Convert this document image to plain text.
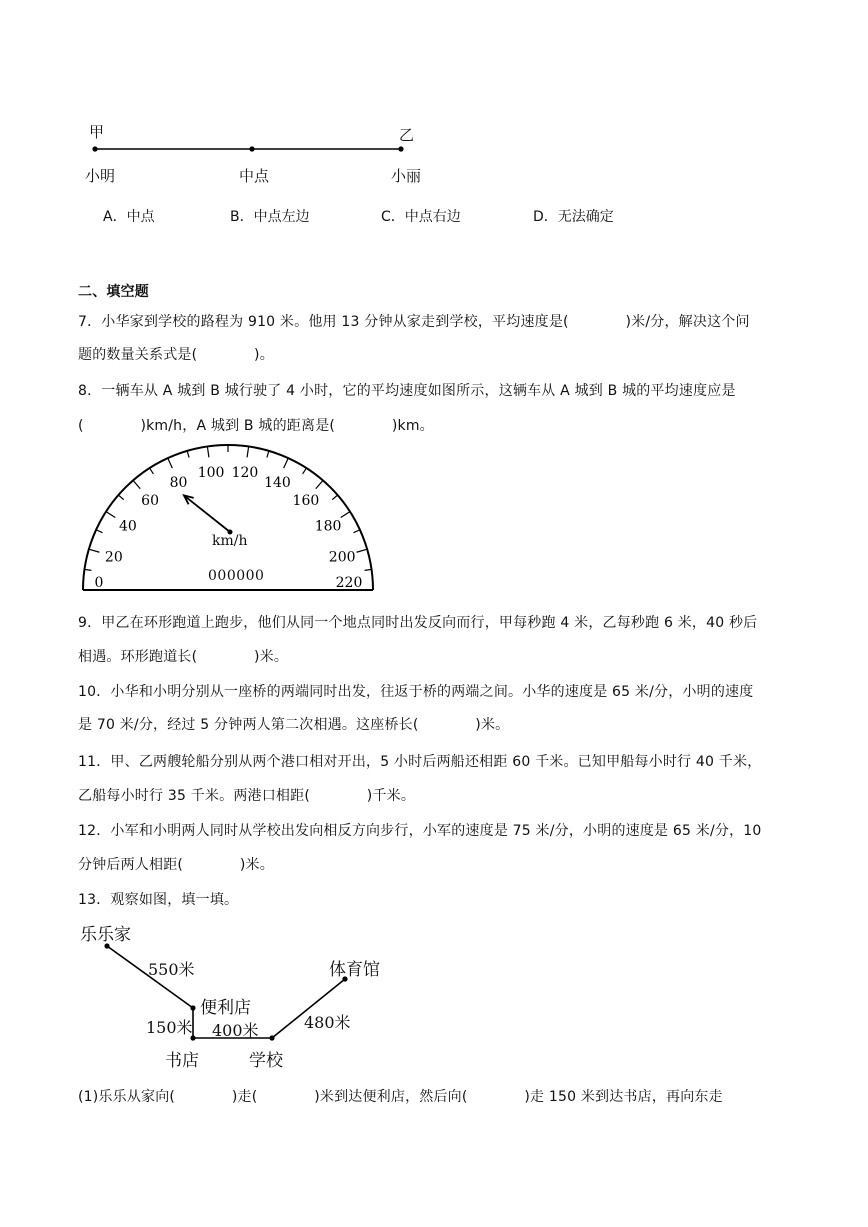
甲	乙
小明	中点	小丽
A．中点	B．中点左边	C．中点右边	D．无法确定
二、填空题
7．小华家到学校的路程为 910 米。他用 13 分钟从家走到学校，平均速度是(　　　　)米/分，解决这个问
题的数量关系式是(　　　　)。
8．一辆车从 A 城到 B 城行驶了 4 小时，它的平均速度如图所示，这辆车从 A 城到 B 城的平均速度应是
(　　　　)km/h，A 城到 B 城的距离是(　　　　)km。
0
20
40
60
80
100 120
140
160
180
200
220
km/h
000000
9．甲乙在环形跑道上跑步，他们从同一个地点同时出发反向而行，甲每秒跑 4 米，乙每秒跑 6 米，40 秒后
相遇。环形跑道长(　　　　)米。
10．小华和小明分别从一座桥的两端同时出发，往返于桥的两端之间。小华的速度是 65 米/分，小明的速度
是 70 米/分，经过 5 分钟两人第二次相遇。这座桥长(　　　　)米。
11．甲、乙两艘轮船分别从两个港口相对开出，5 小时后两船还相距 60 千米。已知甲船每小时行 40 千米，
乙船每小时行 35 千米。两港口相距(　　　　)千米。
12．小军和小明两人同时从学校出发向相反方向步行，小军的速度是 75 米/分，小明的速度是 65 米/分，10
分钟后两人相距(　　　　)米。
13．观察如图，填一填。
乐乐家
550米
便利店
150米 400米
书店	学校
480米
体育馆
(1)乐乐从家向(　　　　)走(　　　　)米到达便利店，然后向(　　　　)走 150 米到达书店，再向东走
